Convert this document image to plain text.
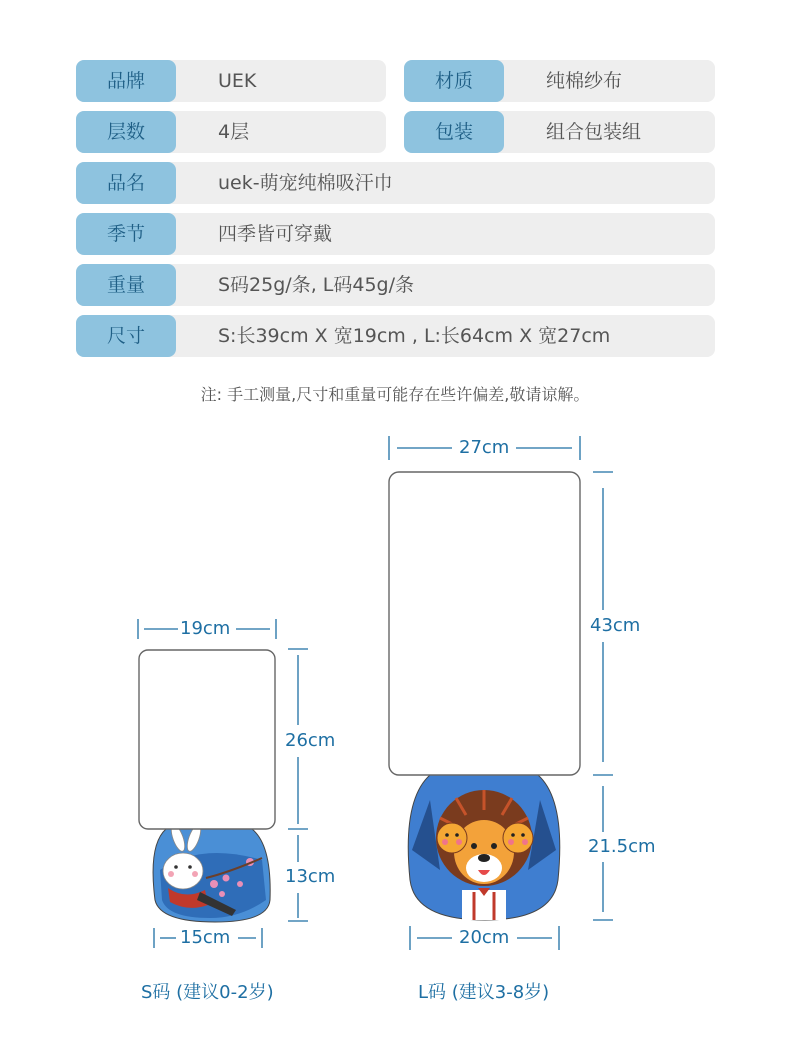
品牌	UEK	材质	纯棉纱布
层数	4层	包装	组合包装组
品名	uek-萌宠纯棉吸汗巾
季节	四季皆可穿戴
重量	S码25g/条, L码45g/条
尺寸	S:长39cm X 宽19cm , L:长64cm X 宽27cm
注: 手工测量,尺寸和重量可能存在些许偏差,敬请谅解。
19cm
26cm
13cm
15cm
S码 (建议0-2岁)
27cm
43cm
21.5cm
20cm
L码 (建议3-8岁)
